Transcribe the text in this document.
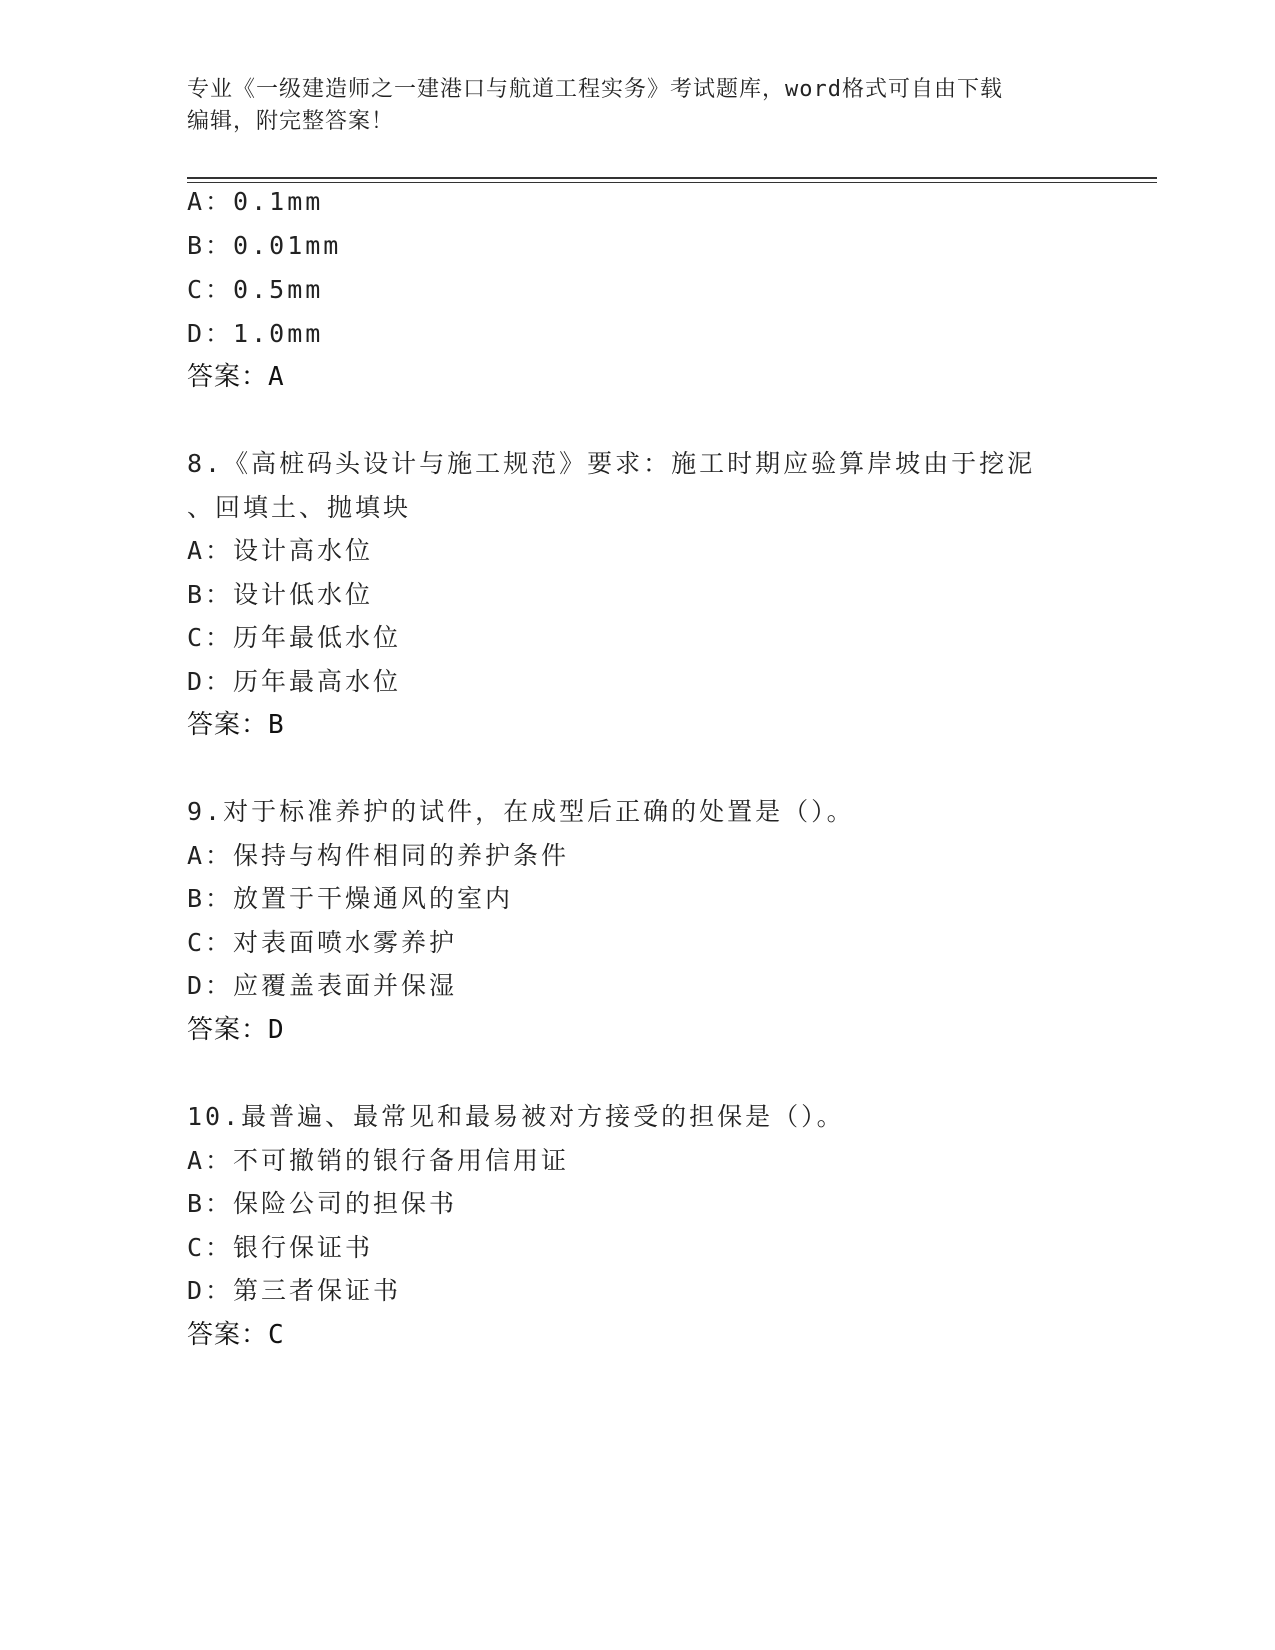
专业《一级建造师之一建港口与航道工程实务》考试题库，word格式可自由下载
编辑，附完整答案！
A：0.1mm
B：0.01mm
C：0.5mm
D：1.0mm
答案：A
8.《高桩码头设计与施工规范》要求：施工时期应验算岸坡由于挖泥
、回填土、抛填块
A：设计高水位
B：设计低水位
C：历年最低水位
D：历年最高水位
答案：B
9.对于标准养护的试件，在成型后正确的处置是（）。
A：保持与构件相同的养护条件
B：放置于干燥通风的室内
C：对表面喷水雾养护
D：应覆盖表面并保湿
答案：D
10.最普遍、最常见和最易被对方接受的担保是（）。
A：不可撤销的银行备用信用证
B：保险公司的担保书
C：银行保证书
D：第三者保证书
答案：C
